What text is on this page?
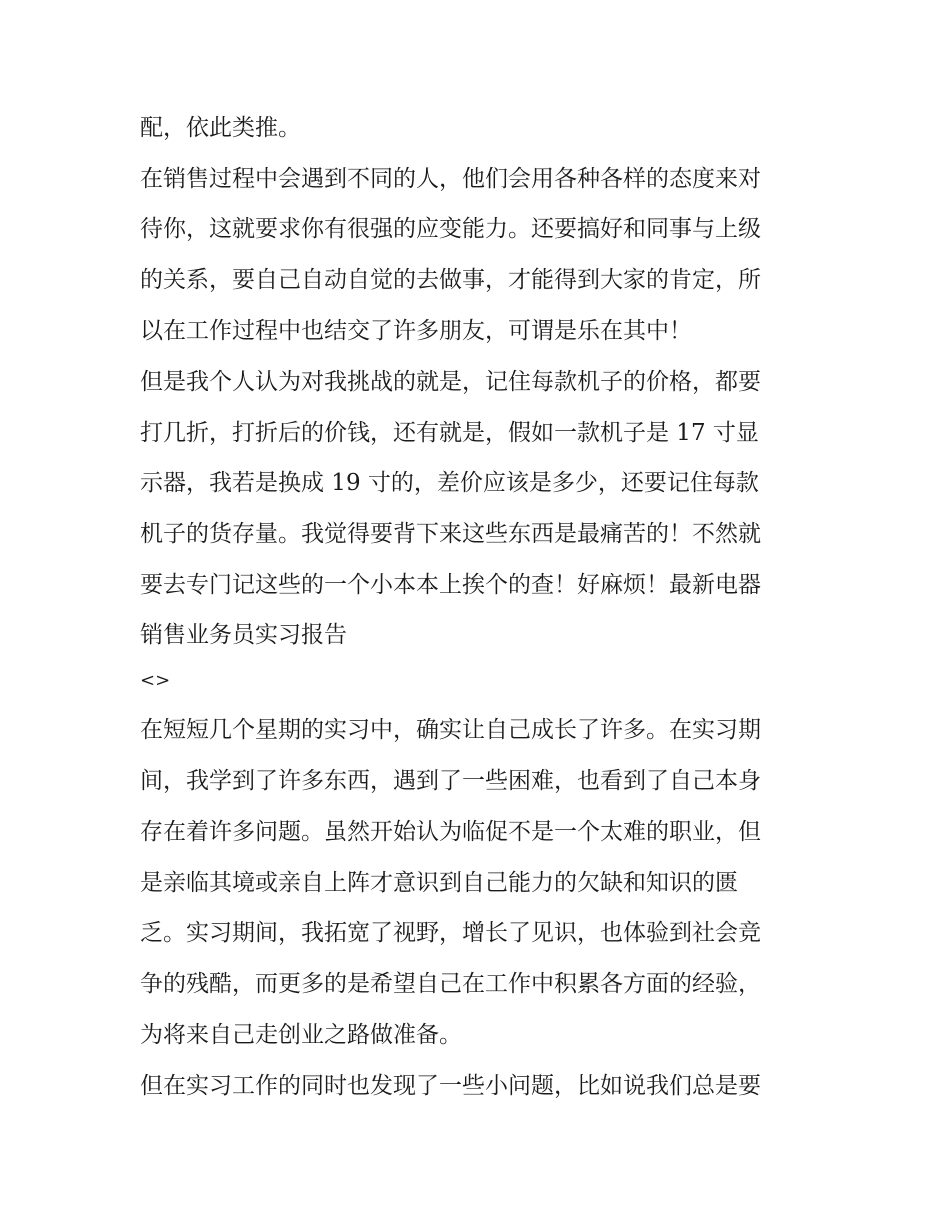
配，依此类推。
在销售过程中会遇到不同的人，他们会用各种各样的态度来对
待你，这就要求你有很强的应变能力。还要搞好和同事与上级
的关系，要自己自动自觉的去做事，才能得到大家的肯定，所
以在工作过程中也结交了许多朋友，可谓是乐在其中！
但是我个人认为对我挑战的就是，记住每款机子的价格，都要
打几折，打折后的价钱，还有就是，假如一款机子是 17 寸显
示器，我若是换成 19 寸的，差价应该是多少，还要记住每款
机子的货存量。我觉得要背下来这些东西是最痛苦的！不然就
要去专门记这些的一个小本本上挨个的查！好麻烦！最新电器
销售业务员实习报告
<>
在短短几个星期的实习中，确实让自己成长了许多。在实习期
间，我学到了许多东西，遇到了一些困难，也看到了自己本身
存在着许多问题。虽然开始认为临促不是一个太难的职业，但
是亲临其境或亲自上阵才意识到自己能力的欠缺和知识的匮
乏。实习期间，我拓宽了视野，增长了见识，也体验到社会竞
争的残酷，而更多的是希望自己在工作中积累各方面的经验，
为将来自己走创业之路做准备。
但在实习工作的同时也发现了一些小问题，比如说我们总是要
